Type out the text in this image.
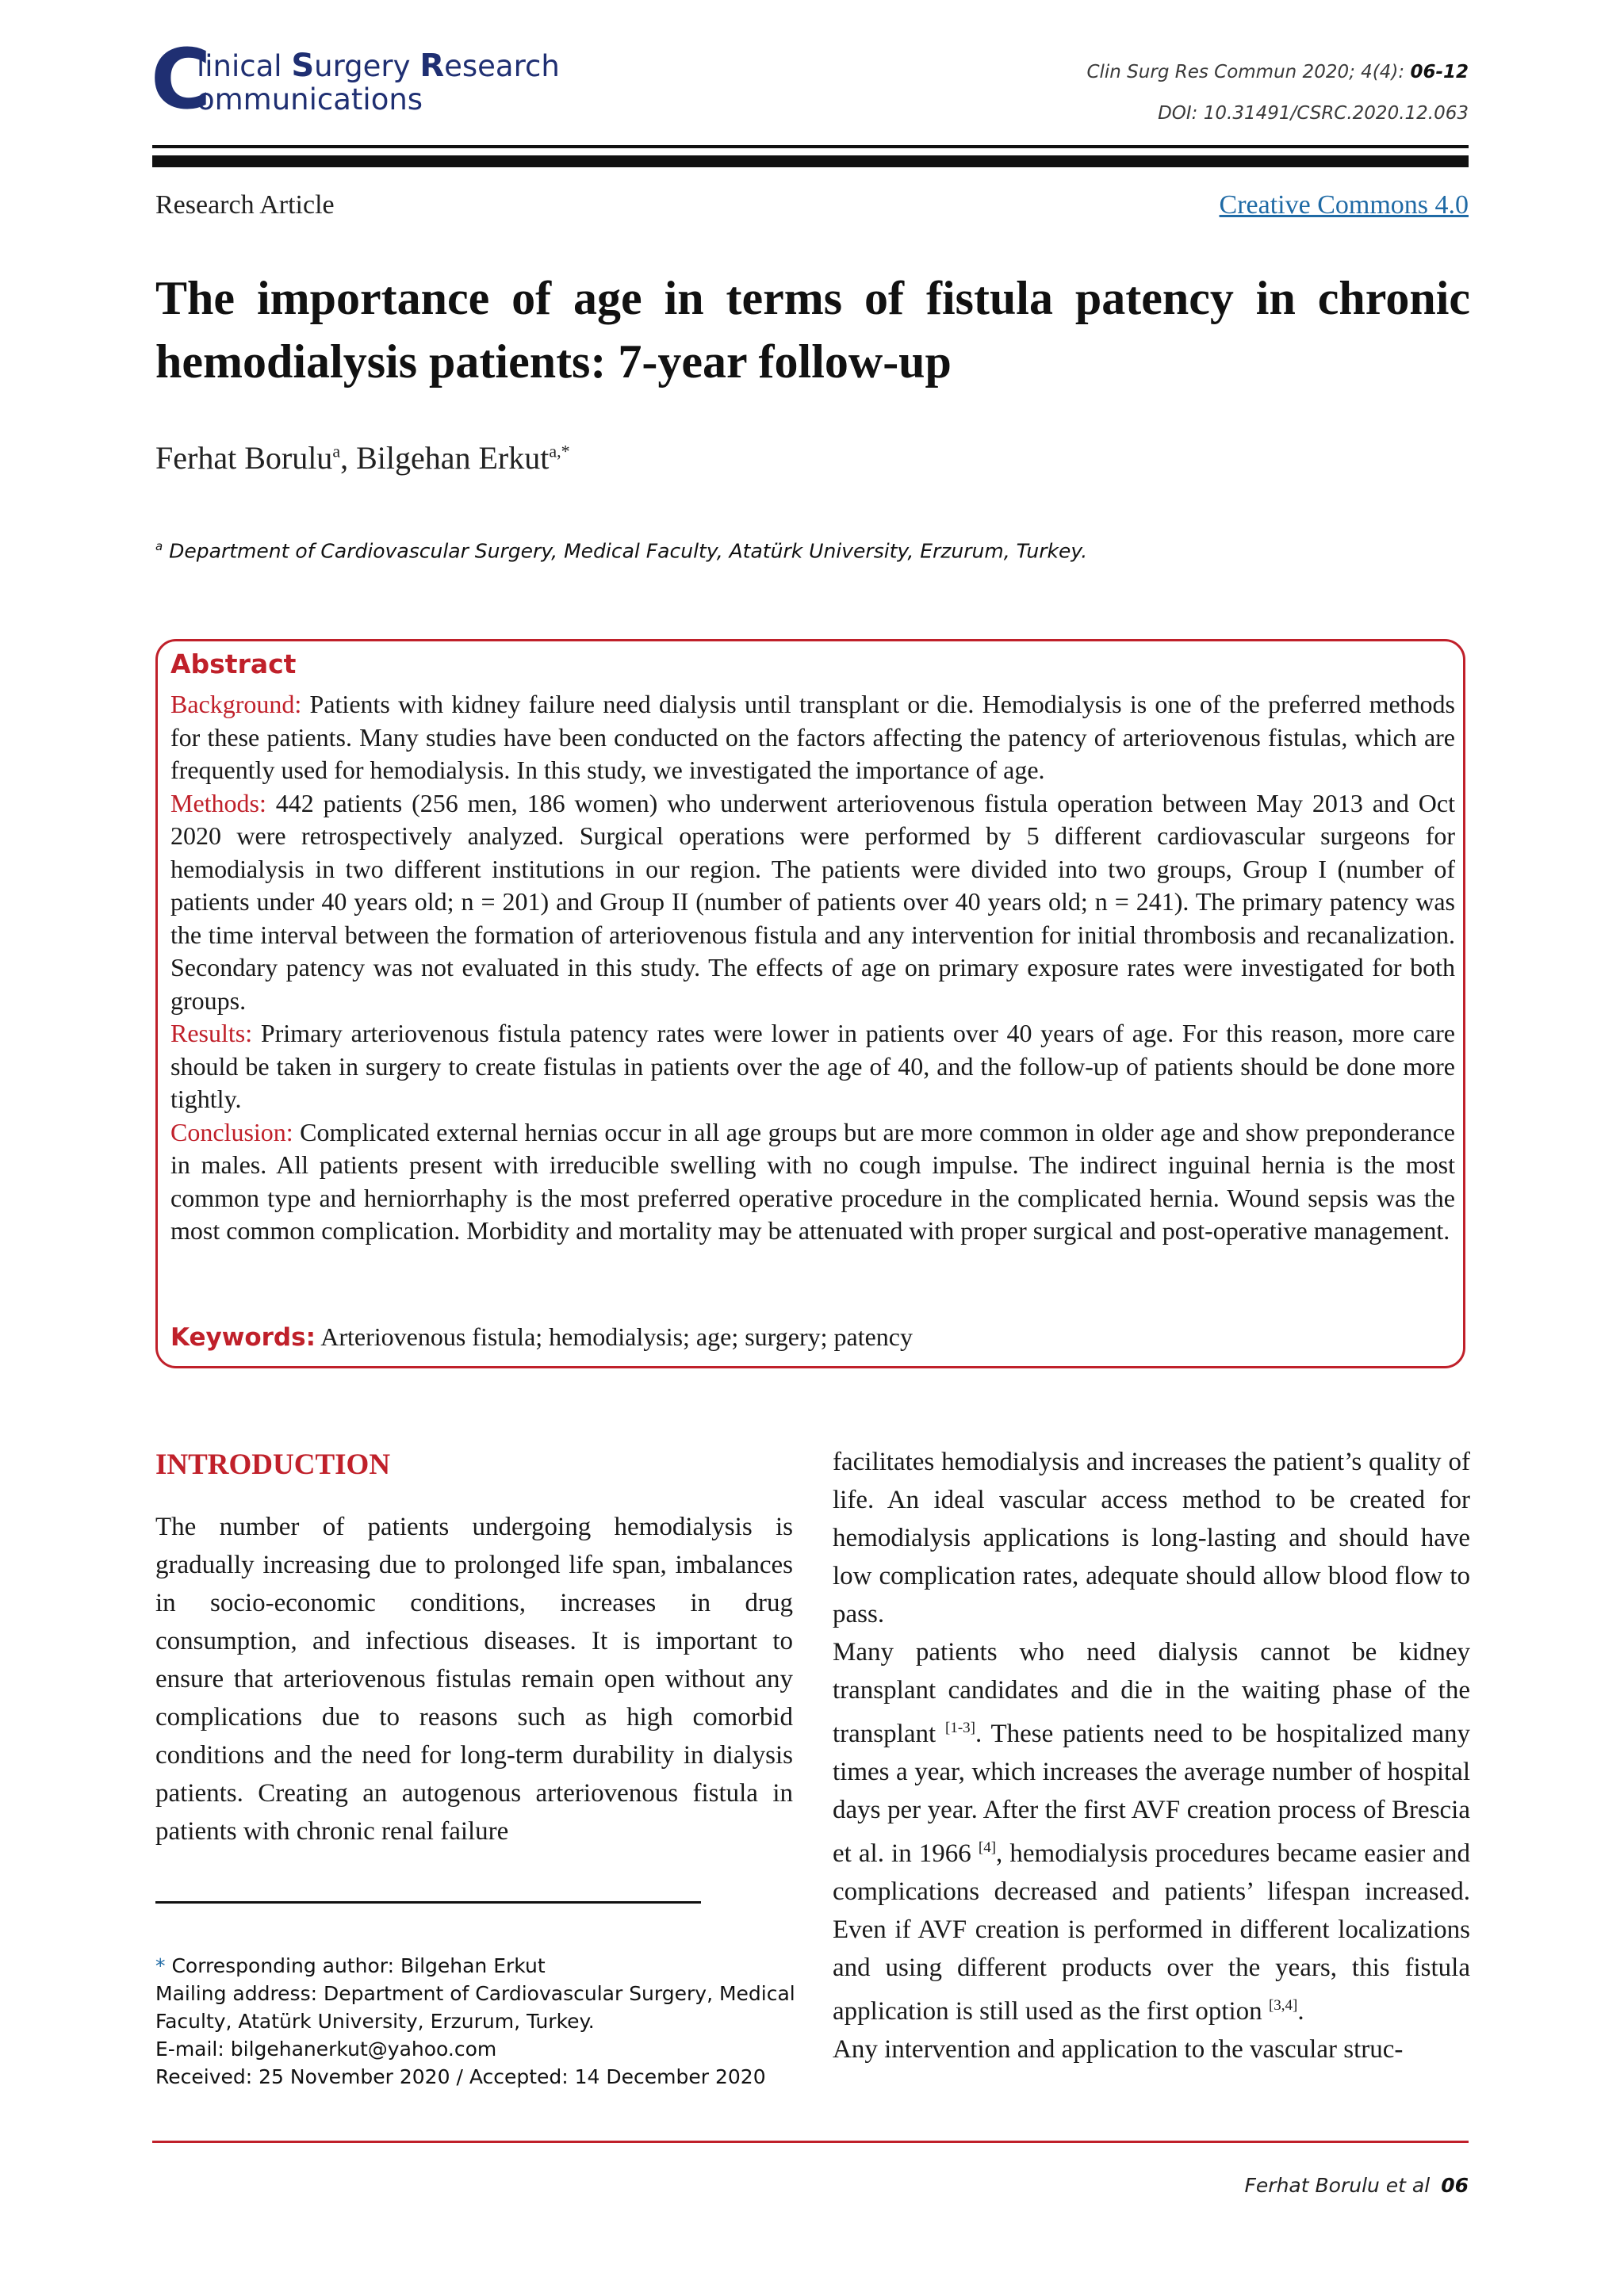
C
linical Surgery Research
ommunications
Clin Surg Res Commun 2020; 4(4): 06-12
DOI: 10.31491/CSRC.2020.12.063
Research Article	Creative Commons 4.0
The importance of age in terms of fistula patency in chronic hemodialysis patients: 7-year follow-up
Ferhat Borulu$^a$, Bilgehan Erkut$^{a,*}$
$^a$ Department of Cardiovascular Surgery, Medical Faculty, Atatürk University, Erzurum, Turkey.
Abstract

Background: Patients with kidney failure need dialysis until transplant or die. Hemodialysis is one of the preferred methods for these patients. Many studies have been conducted on the factors affecting the patency of arteriovenous fistulas, which are frequently used for hemodialysis. In this study, we investigated the importance of age.

Methods: 442 patients (256 men, 186 women) who underwent arteriovenous fistula operation between May 2013 and Oct 2020 were retrospectively analyzed. Surgical operations were performed by 5 different cardiovascular surgeons for hemodialysis in two different institutions in our region. The patients were divided into two groups, Group I (number of patients under 40 years old; n = 201) and Group II (number of patients over 40 years old; n = 241). The primary patency was the time interval between the formation of arteriovenous fistula and any intervention for initial thrombosis and recanalization. Secondary patency was not evaluated in this study. The effects of age on primary exposure rates were investigated for both groups.

Results: Primary arteriovenous fistula patency rates were lower in patients over 40 years of age. For this reason, more care should be taken in surgery to create fistulas in patients over the age of 40, and the follow-up of patients should be done more tightly.

Conclusion: Complicated external hernias occur in all age groups but are more common in older age and show preponderance in males. All patients present with irreducible swelling with no cough impulse. The indirect inguinal hernia is the most common type and herniorrhaphy is the most preferred operative procedure in the complicated hernia. Wound sepsis was the most common complication. Morbidity and mortality may be attenuated with proper surgical and post-operative management.

Keywords: Arteriovenous fistula; hemodialysis; age; surgery; patency
INTRODUCTION

The number of patients undergoing hemodialysis is gradually increasing due to prolonged life span, imbalances in socio-economic conditions, increases in drug consumption, and infectious diseases. It is important to ensure that arteriovenous fistulas remain open without any complications due to reasons such as high comorbid conditions and the need for long-term durability in dialysis patients. Creating an autogenous arteriovenous fistula in patients with chronic renal failure

facilitates hemodialysis and increases the patient’s quality of life. An ideal vascular access method to be created for hemodialysis applications is long-lasting and should have low complication rates, adequate should allow blood flow to pass.

Many patients who need dialysis cannot be kidney transplant candidates and die in the waiting phase of the transplant [1-3]. These patients need to be hospitalized many times a year, which increases the average number of hospital days per year. After the first AVF creation process of Brescia et al. in 1966 [4], hemodialysis procedures became easier and complications decreased and patients’ lifespan increased. Even if AVF creation is performed in different localizations and using different products over the years, this fistula application is still used as the first option [3,4].

Any intervention and application to the vascular struc-

* Corresponding author: Bilgehan Erkut
Mailing address: Department of Cardiovascular Surgery, Medical
Faculty, Atatürk University, Erzurum, Turkey.
E-mail: bilgehanerkut@yahoo.com
Received: 25 November 2020 / Accepted: 14 December 2020
Ferhat Borulu et al 06
